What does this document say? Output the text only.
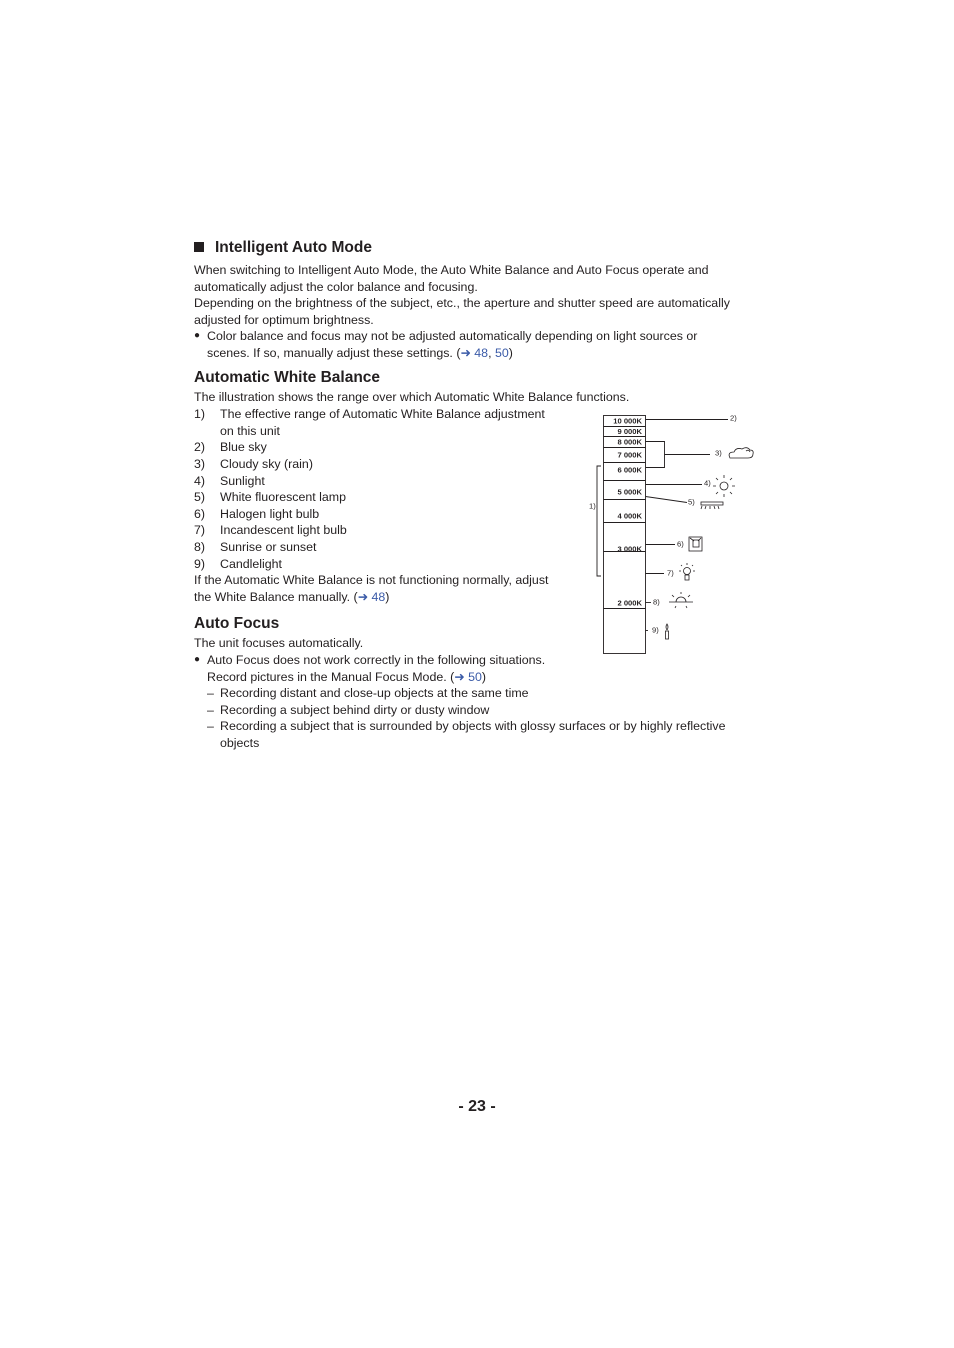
Intelligent Auto Mode

When switching to Intelligent Auto Mode, the Auto White Balance and Auto Focus operate and
automatically adjust the color balance and focusing.
Depending on the brightness of the subject, etc., the aperture and shutter speed are automatically
adjusted for optimum brightness.

● Color balance and focus may not be adjusted automatically depending on light sources or
scenes. If so, manually adjust these settings. (➜ 48, 50)
Automatic White Balance

The illustration shows the range over which Automatic White Balance functions.

1)	The effective range of Automatic White Balance adjustment
on this unit
2)	Blue sky
3)	Cloudy sky (rain)
4)	Sunlight
5)	White fluorescent lamp
6)	Halogen light bulb
7)	Incandescent light bulb
8)	Sunrise or sunset
9)	Candlelight

If the Automatic White Balance is not functioning normally, adjust
the White Balance manually. (➜ 48)

10 000K
9 000K
8 000K
7 000K
6 000K
5 000K
4 000K
3 000K
2 000K
1)
2)
3)
4)
5)
6)
7)
8)
9)
Auto Focus

The unit focuses automatically.

● Auto Focus does not work correctly in the following situations.
Record pictures in the Manual Focus Mode. (➜ 50)
– Recording distant and close-up objects at the same time
– Recording a subject behind dirty or dusty window
– Recording a subject that is surrounded by objects with glossy surfaces or by highly reflective
objects
- 23 -
